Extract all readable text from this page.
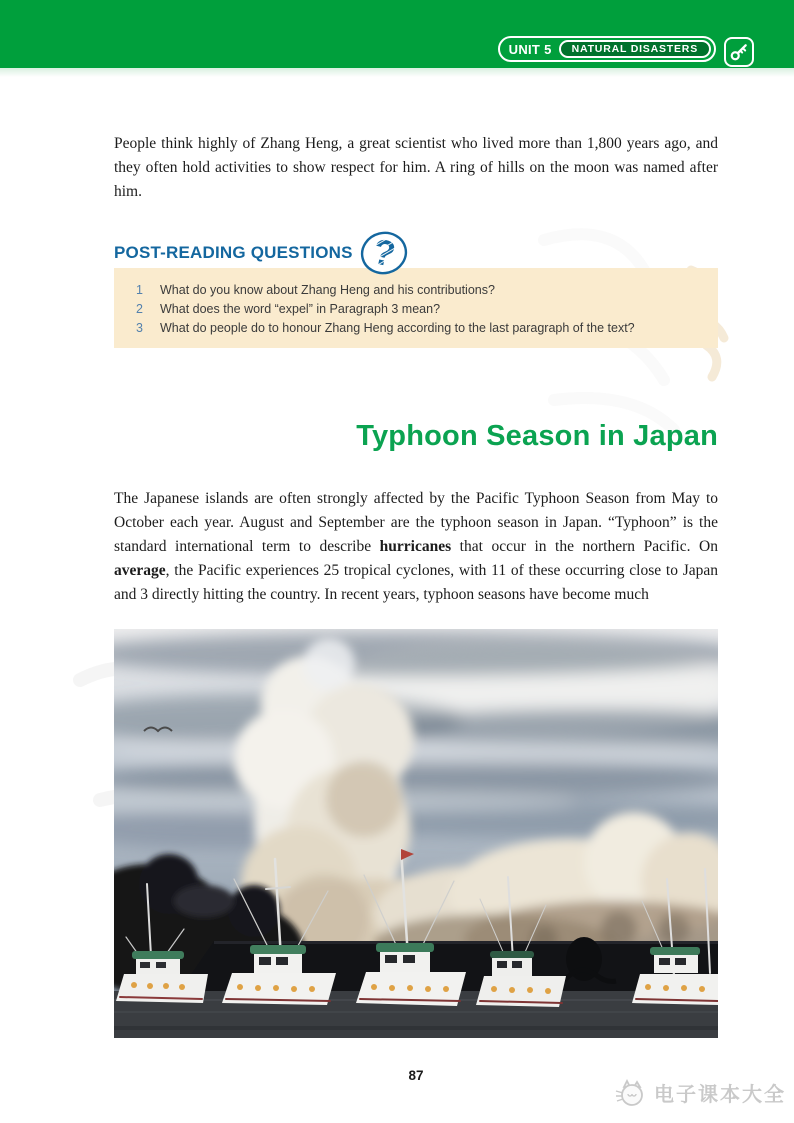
UNIT 5	NATURAL DISASTERS

People think highly of Zhang Heng, a great scientist who lived more than 1,800 years ago, and they often hold activities to show respect for him. A ring of hills on the moon was named after him.

POST-READING QUESTIONS ?
1 What do you know about Zhang Heng and his contributions?
2 What does the word “expel” in Paragraph 3 mean?
3 What do people do to honour Zhang Heng according to the last paragraph of the text?
Typhoon Season in Japan

The Japanese islands are often strongly affected by the Pacific Typhoon Season from May to October each year. August and September are the typhoon season in Japan. “Typhoon” is the standard international term to describe hurricanes that occur in the northern Pacific. On average, the Pacific experiences 25 tropical cyclones, with 11 of these occurring close to Japan and 3 directly hitting the country. In recent years, typhoon seasons have become much

87
电子课本大全
